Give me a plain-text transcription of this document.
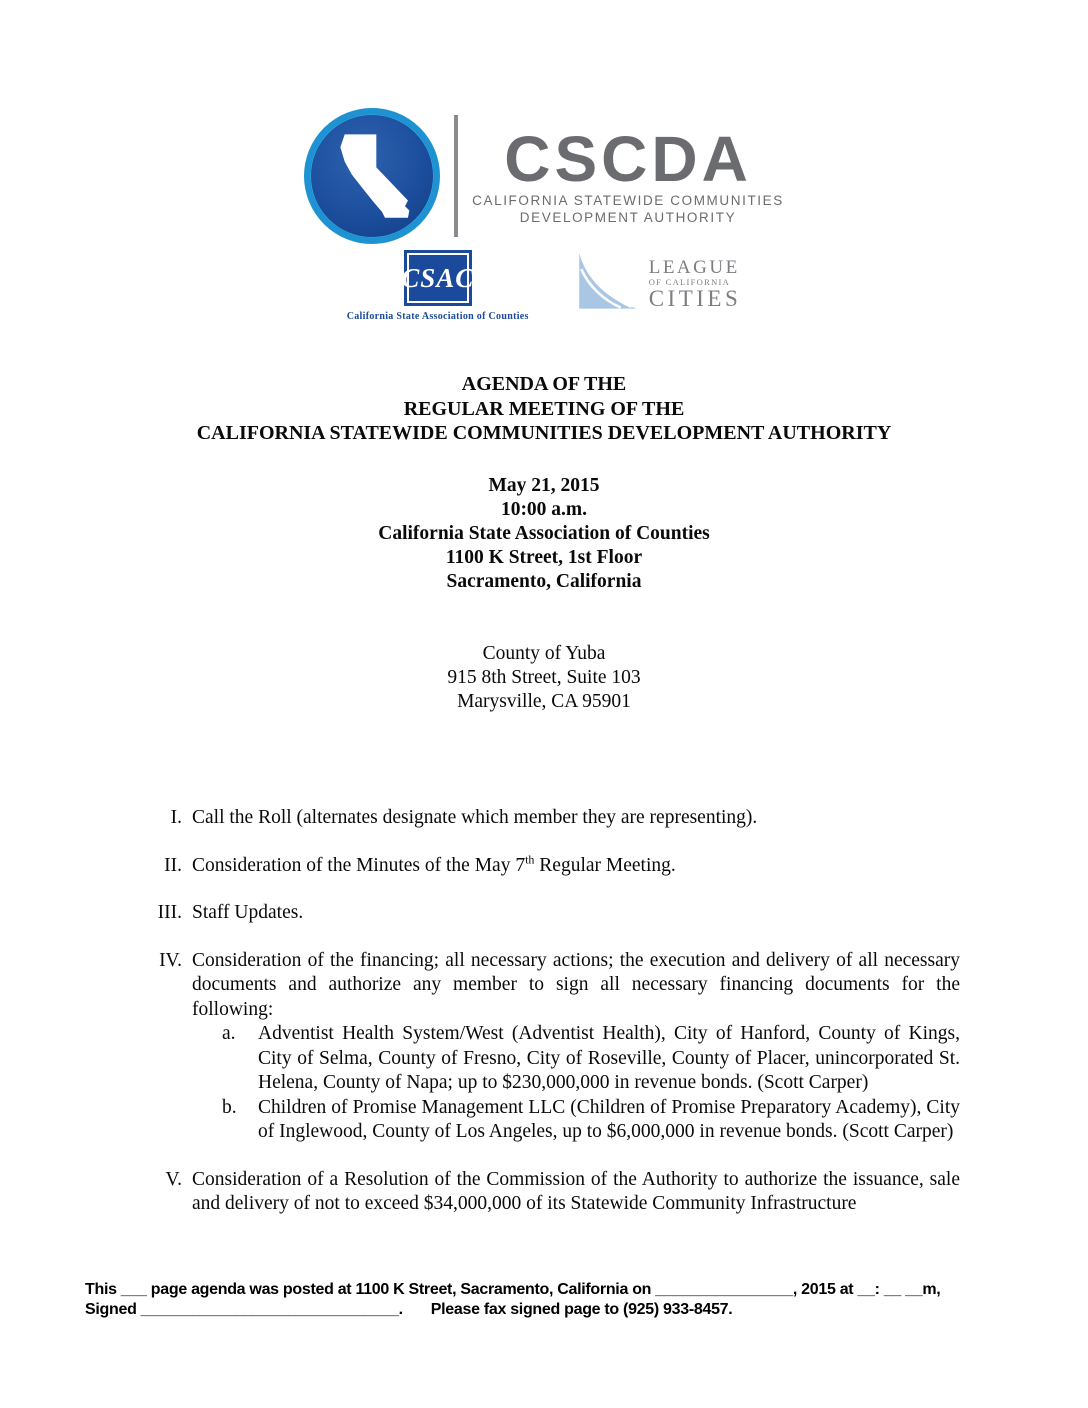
CSCDA
CALIFORNIA STATEWIDE COMMUNITIES
DEVELOPMENT AUTHORITY
CSAC
California State Association of Counties
LEAGUE
OF CALIFORNIA
CITIES
AGENDA OF THE
REGULAR MEETING OF THE
CALIFORNIA STATEWIDE COMMUNITIES DEVELOPMENT AUTHORITY
May 21, 2015
10:00 a.m.
California State Association of Counties
1100 K Street, 1st Floor
Sacramento, California
County of Yuba
915 8th Street, Suite 103
Marysville, CA 95901
I. Call the Roll (alternates designate which member they are representing).
II. Consideration of the Minutes of the May 7th Regular Meeting.
III. Staff Updates.
IV. Consideration of the financing; all necessary actions; the execution and delivery of all necessary documents and authorize any member to sign all necessary financing documents for the following:
a.	Adventist Health System/West (Adventist Health), City of Hanford, County of Kings, City of Selma, County of Fresno, City of Roseville, County of Placer, unincorporated St. Helena, County of Napa; up to $230,000,000 in revenue bonds. (Scott Carper)
b.	Children of Promise Management LLC (Children of Promise Preparatory Academy), City of Inglewood, County of Los Angeles, up to $6,000,000 in revenue bonds. (Scott Carper)
V. Consideration of a Resolution of the Commission of the Authority to authorize the issuance, sale and delivery of not to exceed $34,000,000 of its Statewide Community Infrastructure
This ___ page agenda was posted at 1100 K Street, Sacramento, California on ________________, 2015 at __: __ __m,
Signed ______________________________. Please fax signed page to (925) 933-8457.
